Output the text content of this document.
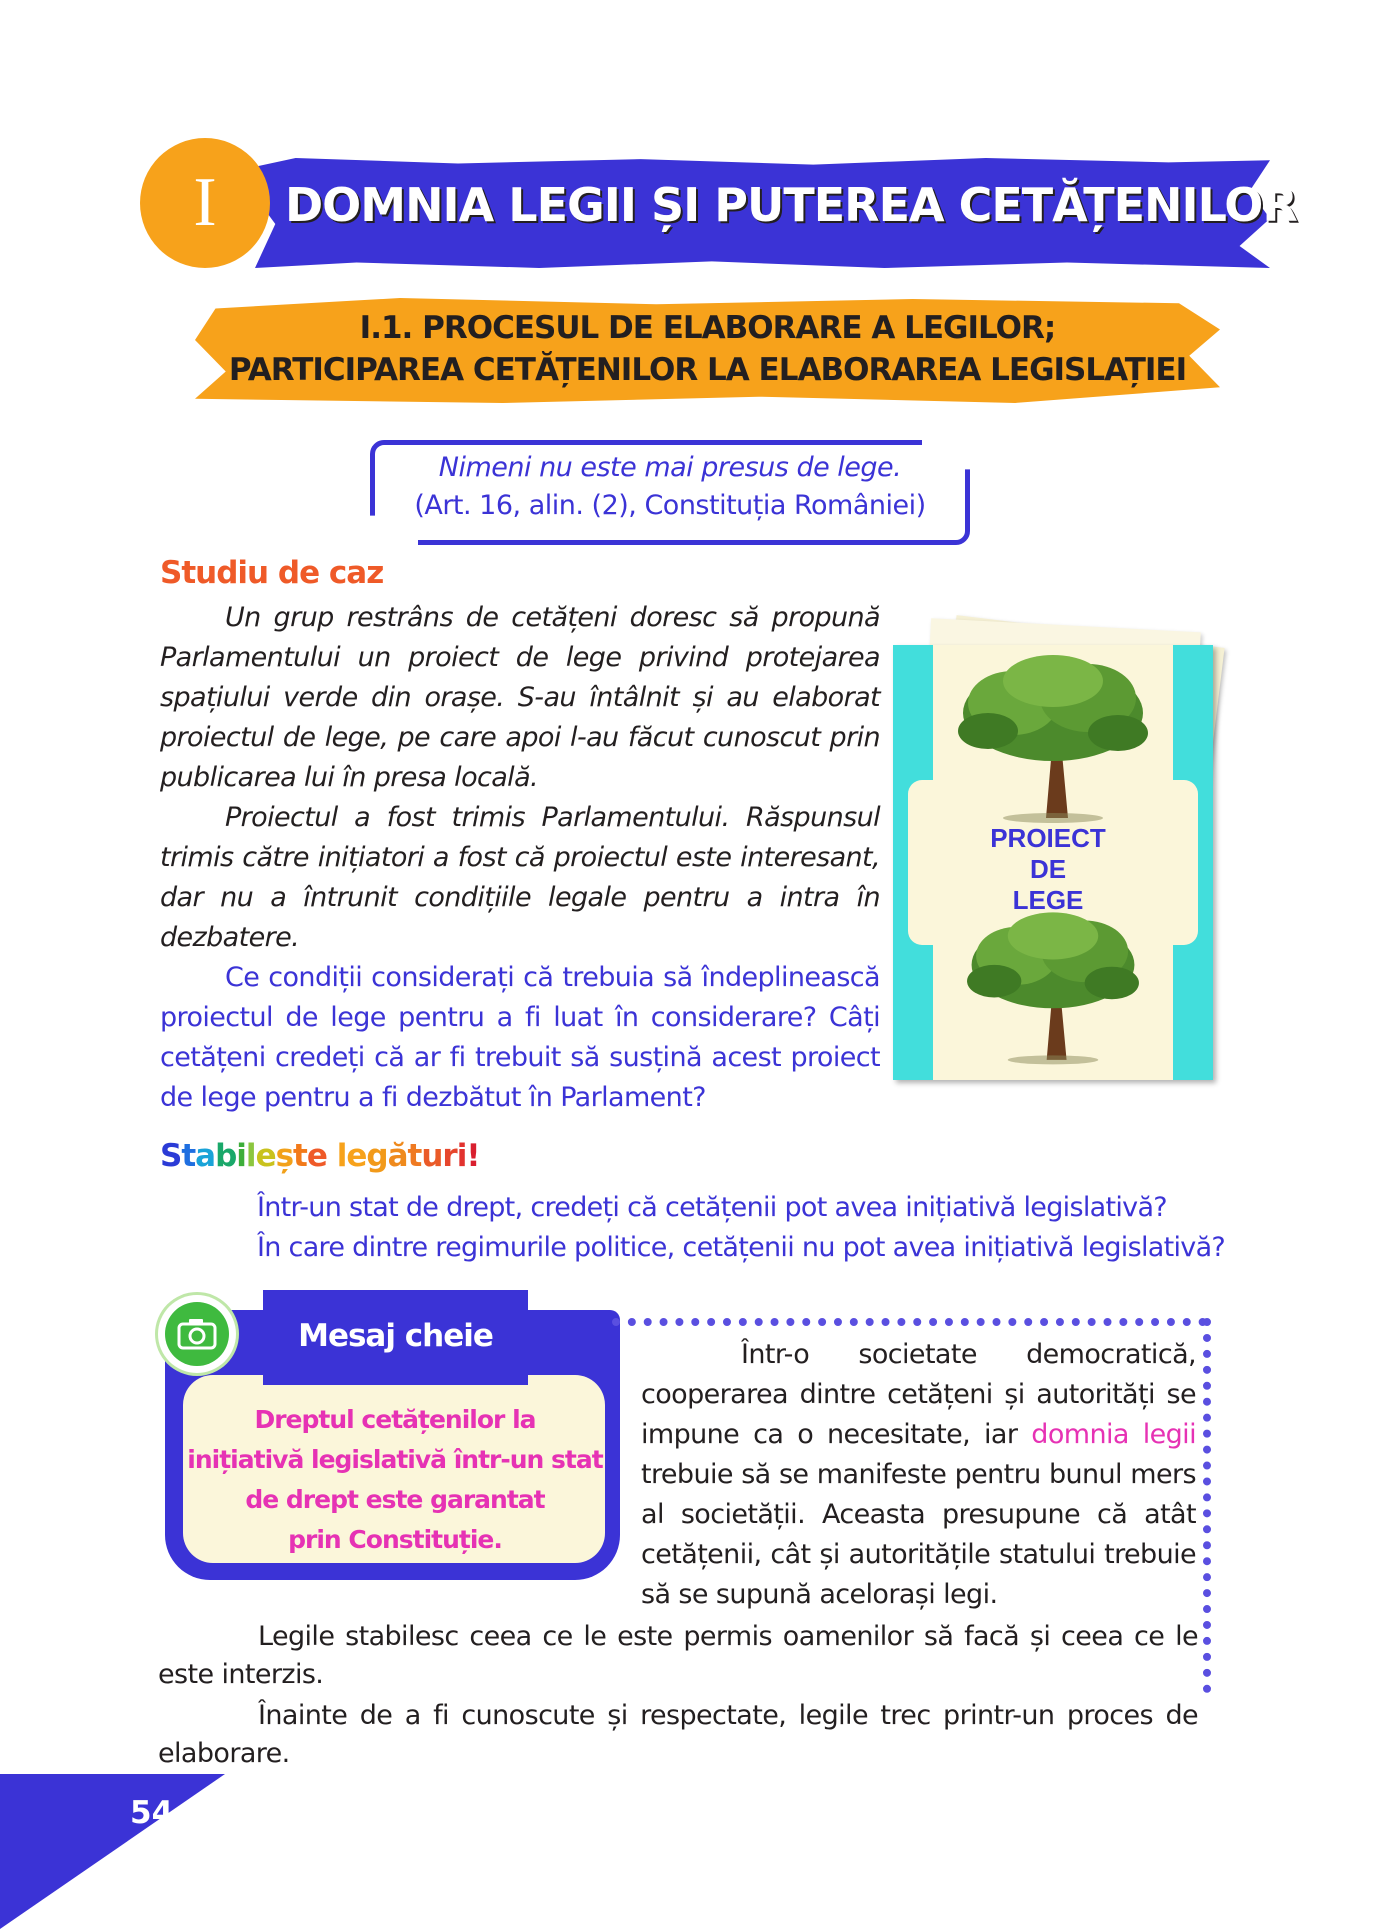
I	DOMNIA LEGII ȘI PUTEREA CETĂȚENILOR
I.1. PROCESUL DE ELABORARE A LEGILOR;
PARTICIPAREA CETĂȚENILOR LA ELABORAREA LEGISLAȚIEI
Nimeni nu este mai presus de lege.
(Art. 16, alin. (2), Constituția României)
Studiu de caz

Un grup restrâns de cetățeni doresc să propună Parlamentului un proiect de lege privind protejarea spațiului verde din orașe. S-au întâlnit și au elaborat proiectul de lege, pe care apoi l-au făcut cunoscut prin publicarea lui în presa locală.

Proiectul a fost trimis Parlamentului. Răspunsul trimis către inițiatori a fost că proiectul este interesant, dar nu a întrunit condițiile legale pentru a intra în dezbatere.

Ce condiții considerați că trebuia să îndeplinească proiectul de lege pentru a fi luat în considerare? Câți cetățeni credeți că ar fi trebuit să susțină acest proiect de lege pentru a fi dezbătut în Parlament?

PROIECT
DE
LEGE
Stabilește legături!
Într-un stat de drept, credeți că cetățenii pot avea inițiativă legislativă?
În care dintre regimurile politice, cetățenii nu pot avea inițiativă legislativă?
Mesaj cheie
Dreptul cetățenilor la
inițiativă legislativă într-un stat
de drept este garantat
prin Constituție.

Într-o societate democratică, cooperarea dintre cetățeni și autorități se impune ca o necesitate, iar domnia legii trebuie să se manifeste pentru bunul mers al societății. Aceasta presupune că atât cetățenii, cât și autoritățile statului trebuie să se supună acelorași legi.

Legile stabilesc ceea ce le este permis oamenilor să facă și ceea ce le este interzis.

Înainte de a fi cunoscute și respectate, legile trec printr-un proces de elaborare.

54
